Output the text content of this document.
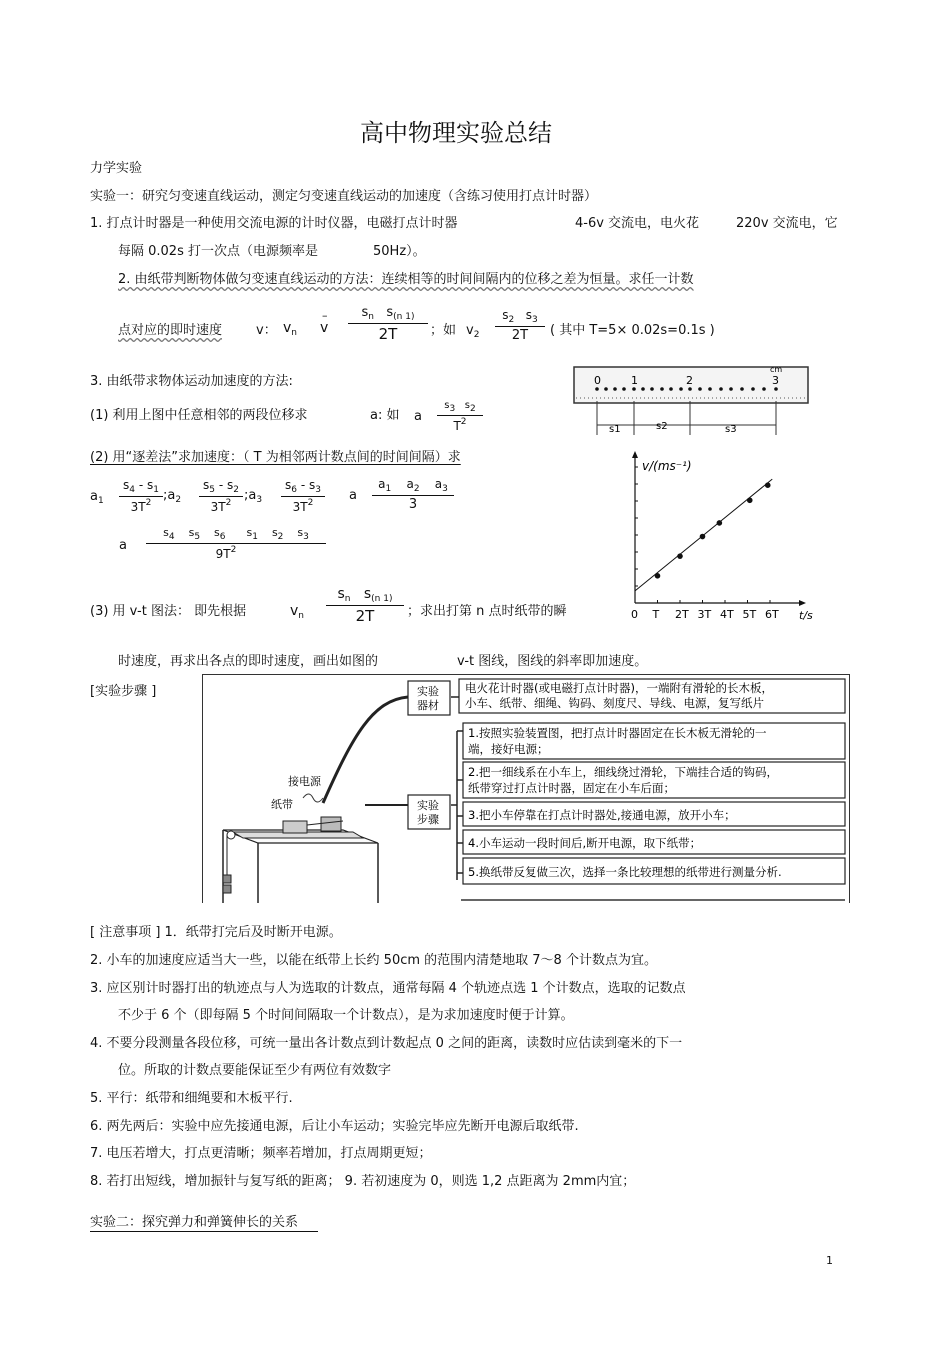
高中物理实验总结
力学实验
实验一：研究匀变速直线运动，测定匀变速直线运动的加速度（含练习使用打点计时器）
1. 打点计时器是一种使用交流电源的计时仪器，电磁打点计时器	4-6v 交流电，电火花	220v 交流电，它
每隔 0.02s 打一次点（电源频率是	50Hz）。
2. 由纸带判断物体做匀变速直线运动的方法：连续相等的时间间隔内的位移之差为恒量。求任一计数
点对应的即时速度	v： $v_n$
–
v
$s_n$ $s_{(n 1)}$
2T	；如 $v_2$
$s_2$ $s_3$
2T	( 其中 T=5× 0.02s=0.1s )
3. 由纸带求物体运动加速度的方法:
(1) 利用上图中任意相邻的两段位移求	a: 如 a
s3   s2
$T^2$
(2) 用“逐差法”求加速度：（ T 为相邻两计数点间的时间间隔）求
$a_1$
$s_4 - s_1$
$3T^2$ $;a_2$
$s_5 - s_2$
$3T^2$ $;a_3$
$s_6 - s_3$
$3T^2$	a
$a_1$    $a_2$    $a_3$
3
a
$s_4$    $s_5$    $s_6$      $s_1$    $s_2$    $s_3$
$9T^2$
(3) 用 v-t 图法： 即先根据	$v_n$
$s_n$   $s_{(n 1)}$
2T	；求出打第 n 点时纸带的瞬
时速度，再求出各点的即时速度，画出如图的	v-t 图线，图线的斜率即加速度。
[实验步骤 ]
cm
0	1	2	3
s1	s2	s3
v/(ms⁻¹)
t/s
0 T 2T 3T 4T 5T 6T
实验
器材
实验
步骤
电火花计时器(或电磁打点计时器)，一端附有滑轮的长木板，
小车、纸带、细绳、钩码、刻度尺、导线、电源，复写纸片
1.按照实验装置图，把打点计时器固定在长木板无滑轮的一
端，接好电源；
2.把一细线系在小车上，细线绕过滑轮，下端挂合适的钩码，
纸带穿过打点计时器，固定在小车后面；
3.把小车停靠在打点计时器处,接通电源，放开小车；
4.小车运动一段时间后,断开电源，取下纸带；
5.换纸带反复做三次，选择一条比较理想的纸带进行测量分析.
接电源
纸带
[ 注意事项 ] 1．纸带打完后及时断开电源。
2. 小车的加速度应适当大一些，以能在纸带上长约 50cm 的范围内清楚地取 7～8 个计数点为宜。
3. 应区别计时器打出的轨迹点与人为选取的计数点，通常每隔 4 个轨迹点选 1 个计数点，选取的记数点
不少于 6 个（即每隔 5 个时间间隔取一个计数点），是为求加速度时便于计算。
4. 不要分段测量各段位移，可统一量出各计数点到计数起点 0 之间的距离，读数时应估读到毫米的下一
位。所取的计数点要能保证至少有两位有效数字
5. 平行：纸带和细绳要和木板平行.
6. 两先两后：实验中应先接通电源，后让小车运动；实验完毕应先断开电源后取纸带.
7. 电压若增大，打点更清晰；频率若增加，打点周期更短；
8. 若打出短线，增加振针与复写纸的距离； 9. 若初速度为 0，则选 1,2 点距离为 2mm内宜；
实验二：探究弹力和弹簧伸长的关系
1
